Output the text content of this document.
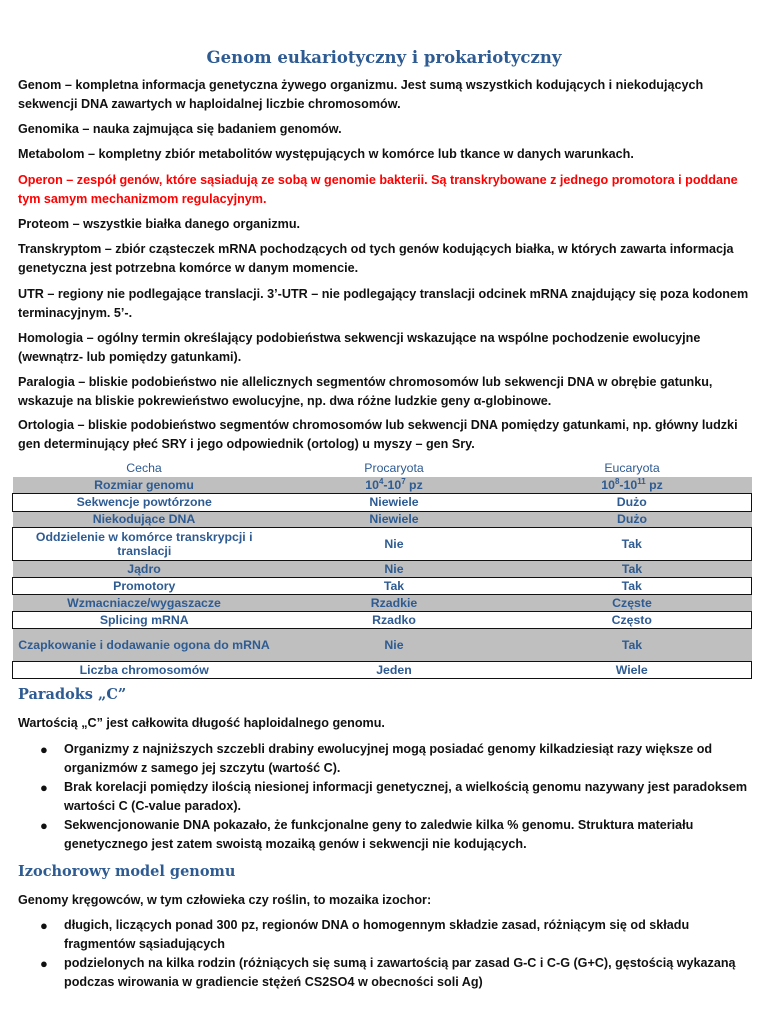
Genom eukariotyczny i prokariotyczny

Genom – kompletna informacja genetyczna żywego organizmu. Jest sumą wszystkich kodujących i niekodujących sekwencji DNA zawartych w haploidalnej liczbie chromosomów.

Genomika – nauka zajmująca się badaniem genomów.

Metabolom – kompletny zbiór metabolitów występujących w komórce lub tkance w danych warunkach.

Operon – zespół genów, które sąsiadują ze sobą w genomie bakterii. Są transkrybowane z jednego promotora i poddane tym samym mechanizmom regulacyjnym.

Proteom – wszystkie białka danego organizmu.

Transkryptom – zbiór cząsteczek mRNA pochodzących od tych genów kodujących białka, w których zawarta informacja genetyczna jest potrzebna komórce w danym momencie.

UTR – regiony nie podlegające translacji. 3’-UTR – nie podlegający translacji odcinek mRNA znajdujący się poza kodonem terminacyjnym. 5’-.

Homologia – ogólny termin określający podobieństwa sekwencji wskazujące na wspólne pochodzenie ewolucyjne (wewnątrz- lub pomiędzy gatunkami).

Paralogia – bliskie podobieństwo nie allelicznych segmentów chromosomów lub sekwencji DNA w obrębie gatunku, wskazuje na bliskie pokrewieństwo ewolucyjne, np. dwa różne ludzkie geny α-globinowe.

Ortologia – bliskie podobieństwo segmentów chromosomów lub sekwencji DNA pomiędzy gatunkami, np. główny ludzki gen determinujący płeć SRY i jego odpowiednik (ortolog) u myszy – gen Sry.

Cecha	Procaryota	Eucaryota
Rozmiar genomu	$10^4-10^7$ pz	$10^8-10^{11}$ pz
Sekwencje powtórzone	Niewiele	Dużo
Niekodujące DNA	Niewiele	Dużo
Oddzielenie w komórce transkrypcji i translacji	Nie	Tak
Jądro	Nie	Tak
Promotory	Tak	Tak
Wzmacniacze/wygaszacze	Rzadkie	Częste
Splicing mRNA	Rzadko	Często
Czapkowanie i dodawanie ogona do mRNA	Nie	Tak
Liczba chromosomów	Jeden	Wiele
Paradoks „C”

Wartością „C” jest całkowita długość haploidalnego genomu.

● Organizmy z najniższych szczebli drabiny ewolucyjnej mogą posiadać genomy kilkadziesiąt razy większe od organizmów z samego jej szczytu (wartość C).
● Brak korelacji pomiędzy ilością niesionej informacji genetycznej, a wielkością genomu nazywany jest paradoksem wartości C (C-value paradox).
● Sekwencjonowanie DNA pokazało, że funkcjonalne geny to zaledwie kilka % genomu. Struktura materiału genetycznego jest zatem swoistą mozaiką genów i sekwencji nie kodujących.
Izochorowy model genomu

Genomy kręgowców, w tym człowieka czy roślin, to mozaika izochor:

● długich, liczących ponad 300 pz, regionów DNA o homogennym składzie zasad, różniącym się od składu fragmentów sąsiadujących
● podzielonych na kilka rodzin (różniących się sumą i zawartością par zasad G-C i C-G (G+C), gęstością wykazaną podczas wirowania w gradiencie stężeń CS2SO4 w obecności soli Ag)
